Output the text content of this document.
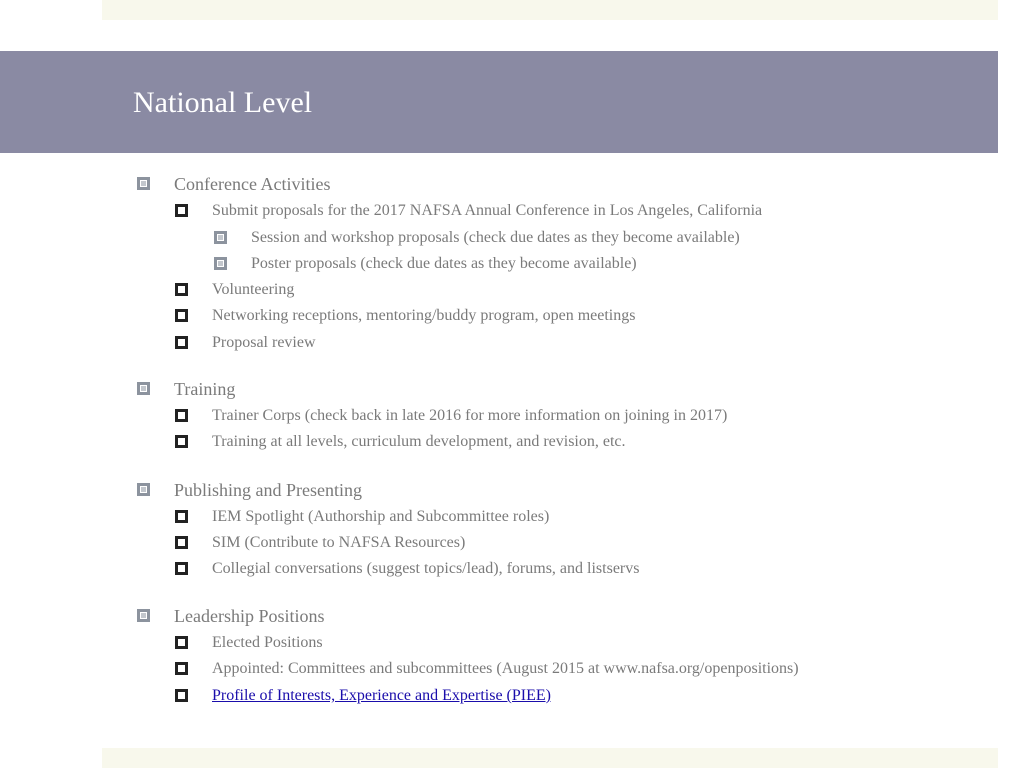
National Level
Conference Activities
Submit proposals for the 2017 NAFSA Annual Conference in Los Angeles, California
Session and workshop proposals (check due dates as they become available)
Poster proposals (check due dates as they become available)
Volunteering
Networking receptions, mentoring/buddy program, open meetings
Proposal review
Training
Trainer Corps (check back in late 2016 for more information on joining in 2017)
Training at all levels, curriculum development, and revision, etc.
Publishing and Presenting
IEM Spotlight (Authorship and Subcommittee roles)
SIM (Contribute to NAFSA Resources)
Collegial conversations (suggest topics/lead), forums, and listservs
Leadership Positions
Elected Positions
Appointed: Committees and subcommittees (August 2015 at www.nafsa.org/openpositions)
Profile of Interests, Experience and Expertise (PIEE)
